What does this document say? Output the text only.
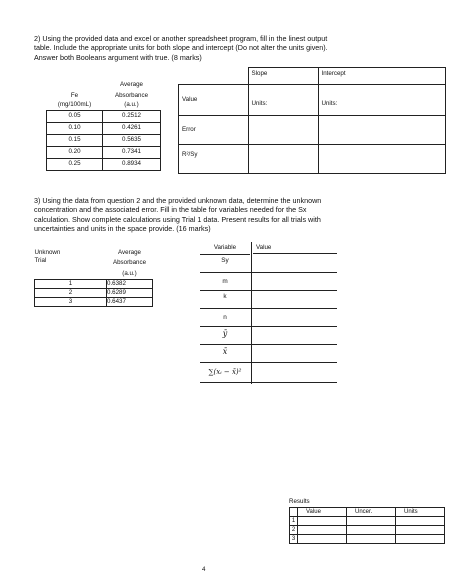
2) Using the provided data and excel or another spreadsheet program, fill in the linest output
table. Include the appropriate units for both slope and intercept (Do not alter the units given).
Answer both Booleans argument with true. (8 marks)
	Average
Fe	Absorbance
(mg/100mL)	(a.u.)
0.05	0.2512
0.10	0.4261
0.15	0.5635
0.20	0.7341
0.25	0.8934
	Slope	Intercept
Value	Units:	Units:

Error		
R²/Sy		
3) Using the data from question 2 and the provided unknown data, determine the unknown
concentration and the associated error. Fill in the table for variables needed for the Sx
calculation. Show complete calculations using Trial 1 data. Present results for all trials with
uncertainties and units in the space provide. (16 marks)
Unknown		Average
Trial		Absorbance
		(a.u.)
1		0.6382
2		0.6289
3		0.6437
Variable	Value
Sy
m
k
n
ȳ
x̄
∑(xᵢ − x̄)²
Results
	Value	Uncer.	Units
1			
2			
3			
4
